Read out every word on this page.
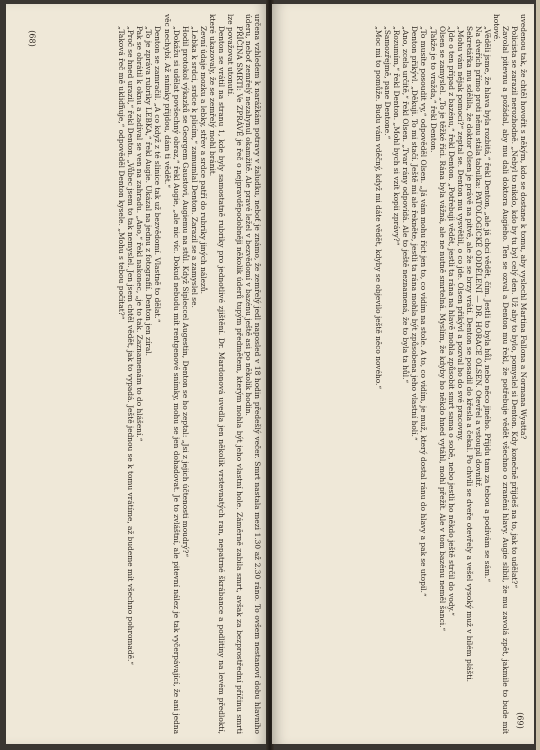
(68)	určena vzhledem k narážkám potravy v žaludku, neboť je známo, že zemřelý jedl naposled v 18 hodin předešlý večer. Smrt nastala mezi 1.30 až 2.30 ráno. To ovšem nestanoví dobu hlavního úderu, neboť zemřelý nezahynul okamžitě. Ale pravé ležel v bezvědomí v bazénu ještě asi po několik hodin.

PŘÍČINA SMRTI: Ve ZPRÁVĚ je řeč o nejpravděpodobněji několik úderů tupým předmětem, kterým mohla být jeho vlastní hole. Záměrně zabila smrt, avšak za bezprostřední příčinu smrti lze považovat utonutí.

Denton se vrátil na stranu 1, kde byly samostatně rubriky pro jednotlivé zjištění. Dr. Mardonová uvedla jen několik vrstevnatých ran, nepatrné škrábance a podlitiny na levém předloktí, které ukazovaly, že se zemřelý mohl bránit.

Zevní údaje mozku a lebky, střev a srdce patří do rubriky jiných nálezů.

„Lebka k srdci, srdce k plicím,“ zamumlal Denton. Zarazil se a zamyslel se.

Hodil protokol výkazků se Georgem Gaustovi, Augiemu na stůl. Když Sipleccel Augestin, Denton se ho zeptal: „Jsi z jejich účtenosti moudrý?“

„Dokážu si udělat povšechný obraz,“ řekl Augie, „ale nic víc. Dokud nebudu mít rentgenové snímky, mohu se jen dohadovat. Je to zvláštní, ale pitevní nález je tak vyčerpávající, že ani jedna věc nechybí. Až snímky přijdou, dám ti vědět.“

Denton se zamračil. „A co když z té slinice tak už bezvědomí. Vlastně to dělat.“

„To je zpráva rubriky LEBKA,“ řekl Augie. Ukázal na jednu z fotografií. Denton jen zíral.

Pak se obrátil k oknu a zadíval se ven na zahradu. „Ano,“ řekl nakonec, „je to tak. Zaznamenám to do hlášení.“

„Proč se hned urazil,“ řekl Denton. „Vůbec jsem to tak nemyslel. Jen jsem chtěl vědět, jak to vypadá. Ještě jednou se k tomu vrátíme, až budeme mít všechno pohromadě.“

„Taková řeč mě ukliďňuje,“ odpověděl Denton kysele. „Mohu s tebou počítat?“

(69)

uvedenou tak, že chtěl hovořit s někým, kdo se dostane k tomu, aby vyslechl Martina Fallona a Normana Wyatta?

Policista se zarazil nerozhodně. „Nebyl to nikdo, kdo by tu byl celý den. Už aby to bylo, pomyslel si Denton. Kdy konečně přijdeš na to, jak to udělat?“

Zavolal pitevnu a požádal, aby mu dali doktora Augieho. Ten se ozval a Denton mu řekl, že potřebuje vědět všechno o zranění hlavy. Augie slíbil, že mu zavolá zpět, jakmile to bude mít hotové.

„Věděli jsme, že hlava byla rozbitá,“ řekl Denton, „ale já chci vědět, čím. Jestli to byla hůl, nebo něco jiného. Přijdu tam za tebou a podívám se sám.“

Na dveřích přímo proti němu stála tabulka: PATOLOGICKÉ ODDĚLENÍ — DR. HORACE OLSEN. Otevřel a vstoupil dovnitř.

Sekretářka mu sdělila, že doktor Olsen je právě na pitvě, ale že se brzy vrátí. Denton se posadil do křesla a čekal. Po chvíli se dveře otevřely a vešel vysoký muž v bílém plášti.

„Mohu vám nějak pomoci?“ zeptal se. Denton mu vysvětlil, o co jde. Olsen přikývl a pozval ho do své pracovny.

„Jde o ten případ z bazénu,“ řekl Denton. „Potřebuji vědět, jestli ta rána na hlavě mohla způsobit smrt sama o sobě, nebo jestli ho někdo ještě strčil do vody.“

Olsen se zamyslel. „To je těžké říci. Rána byla vážná, ale ne nutně smrtelná. Myslím, že kdyby ho někdo hned vytáhl, mohl přežít. Ale v tom bazénu neměl šanci.“

„Takže je to vražda,“ řekl Denton.

„To musíte posoudit vy,“ odpověděl Olsen. „Já vám mohu říct jen to, co vidím na stole. A to, co vidím, je muž, který dostal ránu do hlavy a pak se utopil.“

Denton přikývl. „Děkuji. To mi stačí. Ještě mi ale řekněte, jestli ta rána mohla být způsobena jeho vlastní holí.“

„Ano, zcela určitě,“ řekl Olsen. „Tvar rány odpovídá. Ale to ještě neznamená, že to byla ta hůl.“

„Rozumím,“ řekl Denton. „Mohl bych si vzít kopii zprávy?“

„Samozřejmě, pane Dentone.“

„Moc mi to pomůže. Budu vám vděčný, když mi dáte vědět, kdyby se objevilo ještě něco nového.“
